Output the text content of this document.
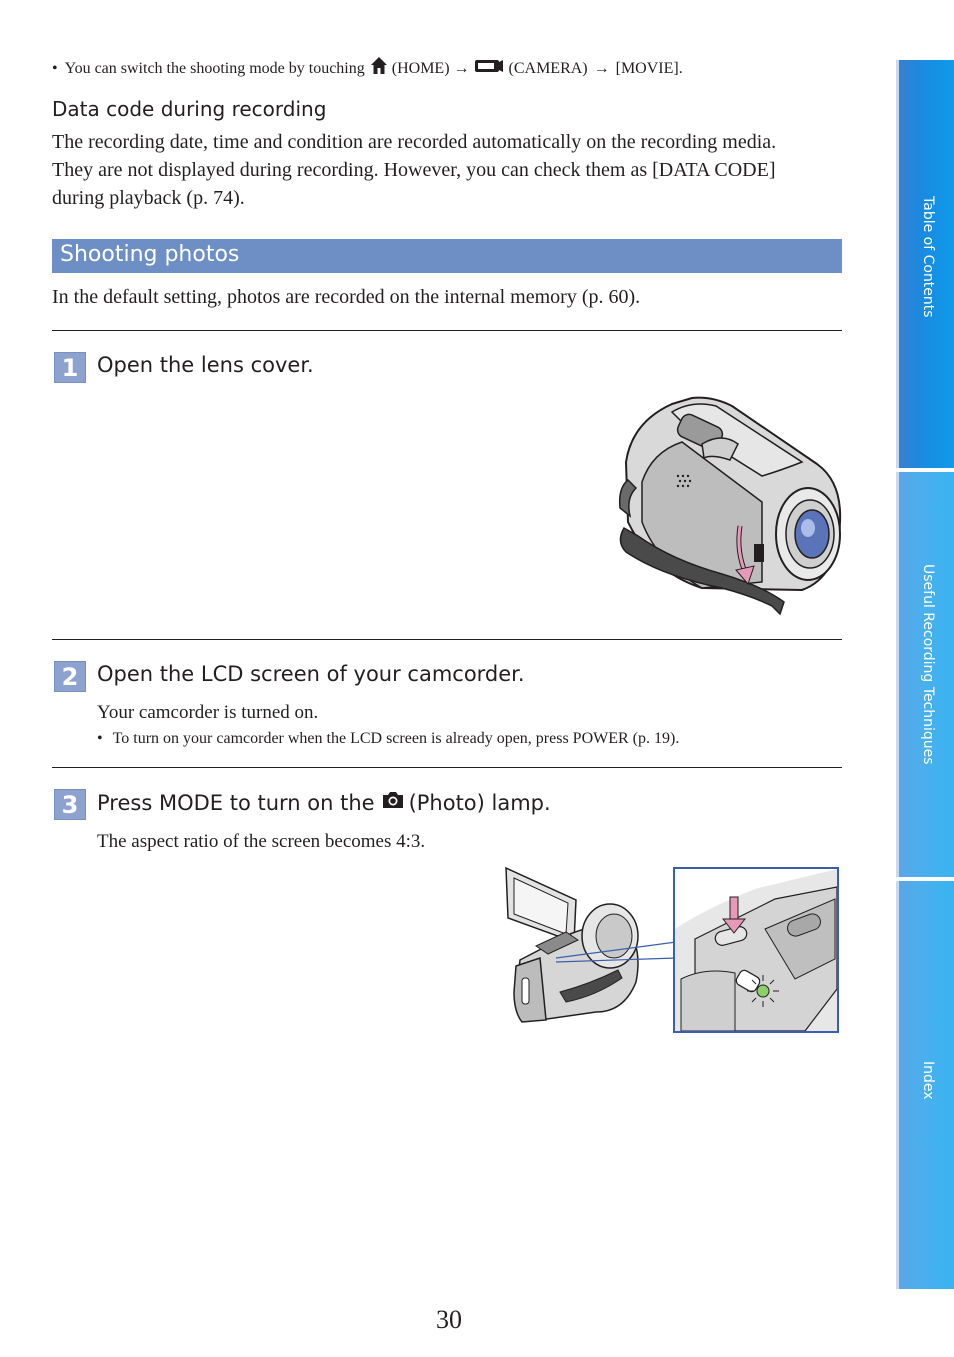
• You can switch the shooting mode by touching (HOME) → (CAMERA) → [MOVIE].
Data code during recording
The recording date, time and condition are recorded automatically on the recording media.
They are not displayed during recording. However, you can check them as [DATA CODE]
during playback (p. 74).
Shooting photos
In the default setting, photos are recorded on the internal memory (p. 60).
1 Open the lens cover.
2 Open the LCD screen of your camcorder.
Your camcorder is turned on.
• To turn on your camcorder when the LCD screen is already open, press POWER (p. 19).
3 Press MODE to turn on the (Photo) lamp.
The aspect ratio of the screen becomes 4:3.
Table of Contents
Useful Recording Techniques
Index
30
